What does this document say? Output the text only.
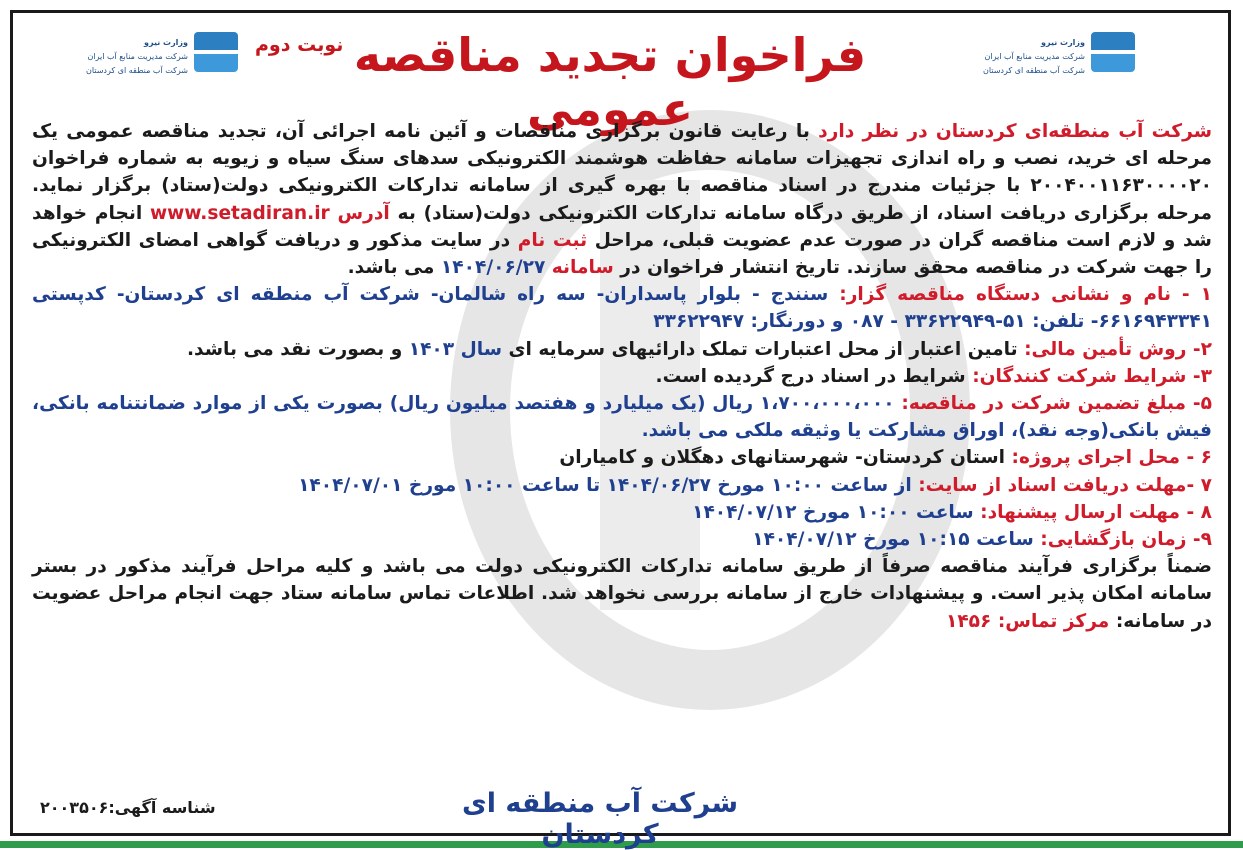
وزارت نیرو
شرکت مدیریت منابع آب ایران
شرکت آب منطقه ای کردستان
وزارت نیرو
شرکت مدیریت منابع آب ایران
شرکت آب منطقه ای کردستان	فراخوان تجدید مناقصه عمومی
نوبت دوم

شرکت آب منطقه‌ای کردستان در نظر دارد با رعایت قانون برگزاری مناقصات و آئین نامه اجرائی آن، تجدید مناقصه عمومی یک مرحله ای خرید، نصب و راه اندازی تجهیزات سامانه حفاظت هوشمند الکترونیکی سدهای سنگ سیاه و زیویه به شماره فراخوان ۲۰۰۴۰۰۱۱۶۳۰۰۰۰۲۰ با جزئیات مندرج در اسناد مناقصه با بهره گیری از سامانه تدارکات الکترونیکی دولت(ستاد) برگزار نماید. مرحله برگزاری دریافت اسناد، از طریق درگاه سامانه تدارکات الکترونیکی دولت(ستاد) به آدرس www.setadiran.ir انجام خواهد شد و لازم است مناقصه گران در صورت عدم عضویت قبلی، مراحل ثبت نام در سایت مذکور و دریافت گواهی امضای الکترونیکی را جهت شرکت در مناقصه محقق سازند. تاریخ انتشار فراخوان در سامانه ۱۴۰۴/۰۶/۲۷ می باشد.

۱ - نام و نشانی دستگاه مناقصه گزار: سنندج - بلوار پاسداران- سه راه شالمان- شرکت آب منطقه ای کردستان- کدپستی ۶۶۱۶۹۴۳۳۴۱- تلفن: ۵۱-۳۳۶۲۲۹۴۹ - ۰۸۷ و دورنگار: ۳۳۶۲۲۹۴۷

۲- روش تأمین مالی: تامین اعتبار از محل اعتبارات تملک دارائیهای سرمایه ای سال ۱۴۰۳ و بصورت نقد می باشد.

۳- شرایط شرکت کنندگان: شرایط در اسناد درج گردیده است.

۵- مبلغ تضمین شرکت در مناقصه: ۱،۷۰۰،۰۰۰،۰۰۰ ریال (یک میلیارد و هفتصد میلیون ریال) بصورت یکی از موارد ضمانتنامه بانکی، فیش بانکی(وجه نقد)، اوراق مشارکت یا وثیقه ملکی می باشد.

۶ - محل اجرای پروژه: استان کردستان- شهرستانهای دهگلان و کامیاران

۷ -مهلت دریافت اسناد از سایت: از ساعت ۱۰:۰۰ مورخ ۱۴۰۴/۰۶/۲۷ تا ساعت ۱۰:۰۰ مورخ ۱۴۰۴/۰۷/۰۱

۸ - مهلت ارسال پیشنهاد: ساعت ۱۰:۰۰ مورخ ۱۴۰۴/۰۷/۱۲

۹- زمان بازگشایی: ساعت ۱۰:۱۵ مورخ ۱۴۰۴/۰۷/۱۲

ضمناً برگزاری فرآیند مناقصه صرفاً از طریق سامانه تدارکات الکترونیکی دولت می باشد و کلیه مراحل فرآیند مذکور در بستر سامانه امکان پذیر است. و پیشنهادات خارج از سامانه بررسی نخواهد شد. اطلاعات تماس سامانه ستاد جهت انجام مراحل عضویت در سامانه: مرکز تماس: ۱۴۵۶

شرکت آب منطقه ای کردستان
شناسه آگهی:۲۰۰۳۵۰۶
